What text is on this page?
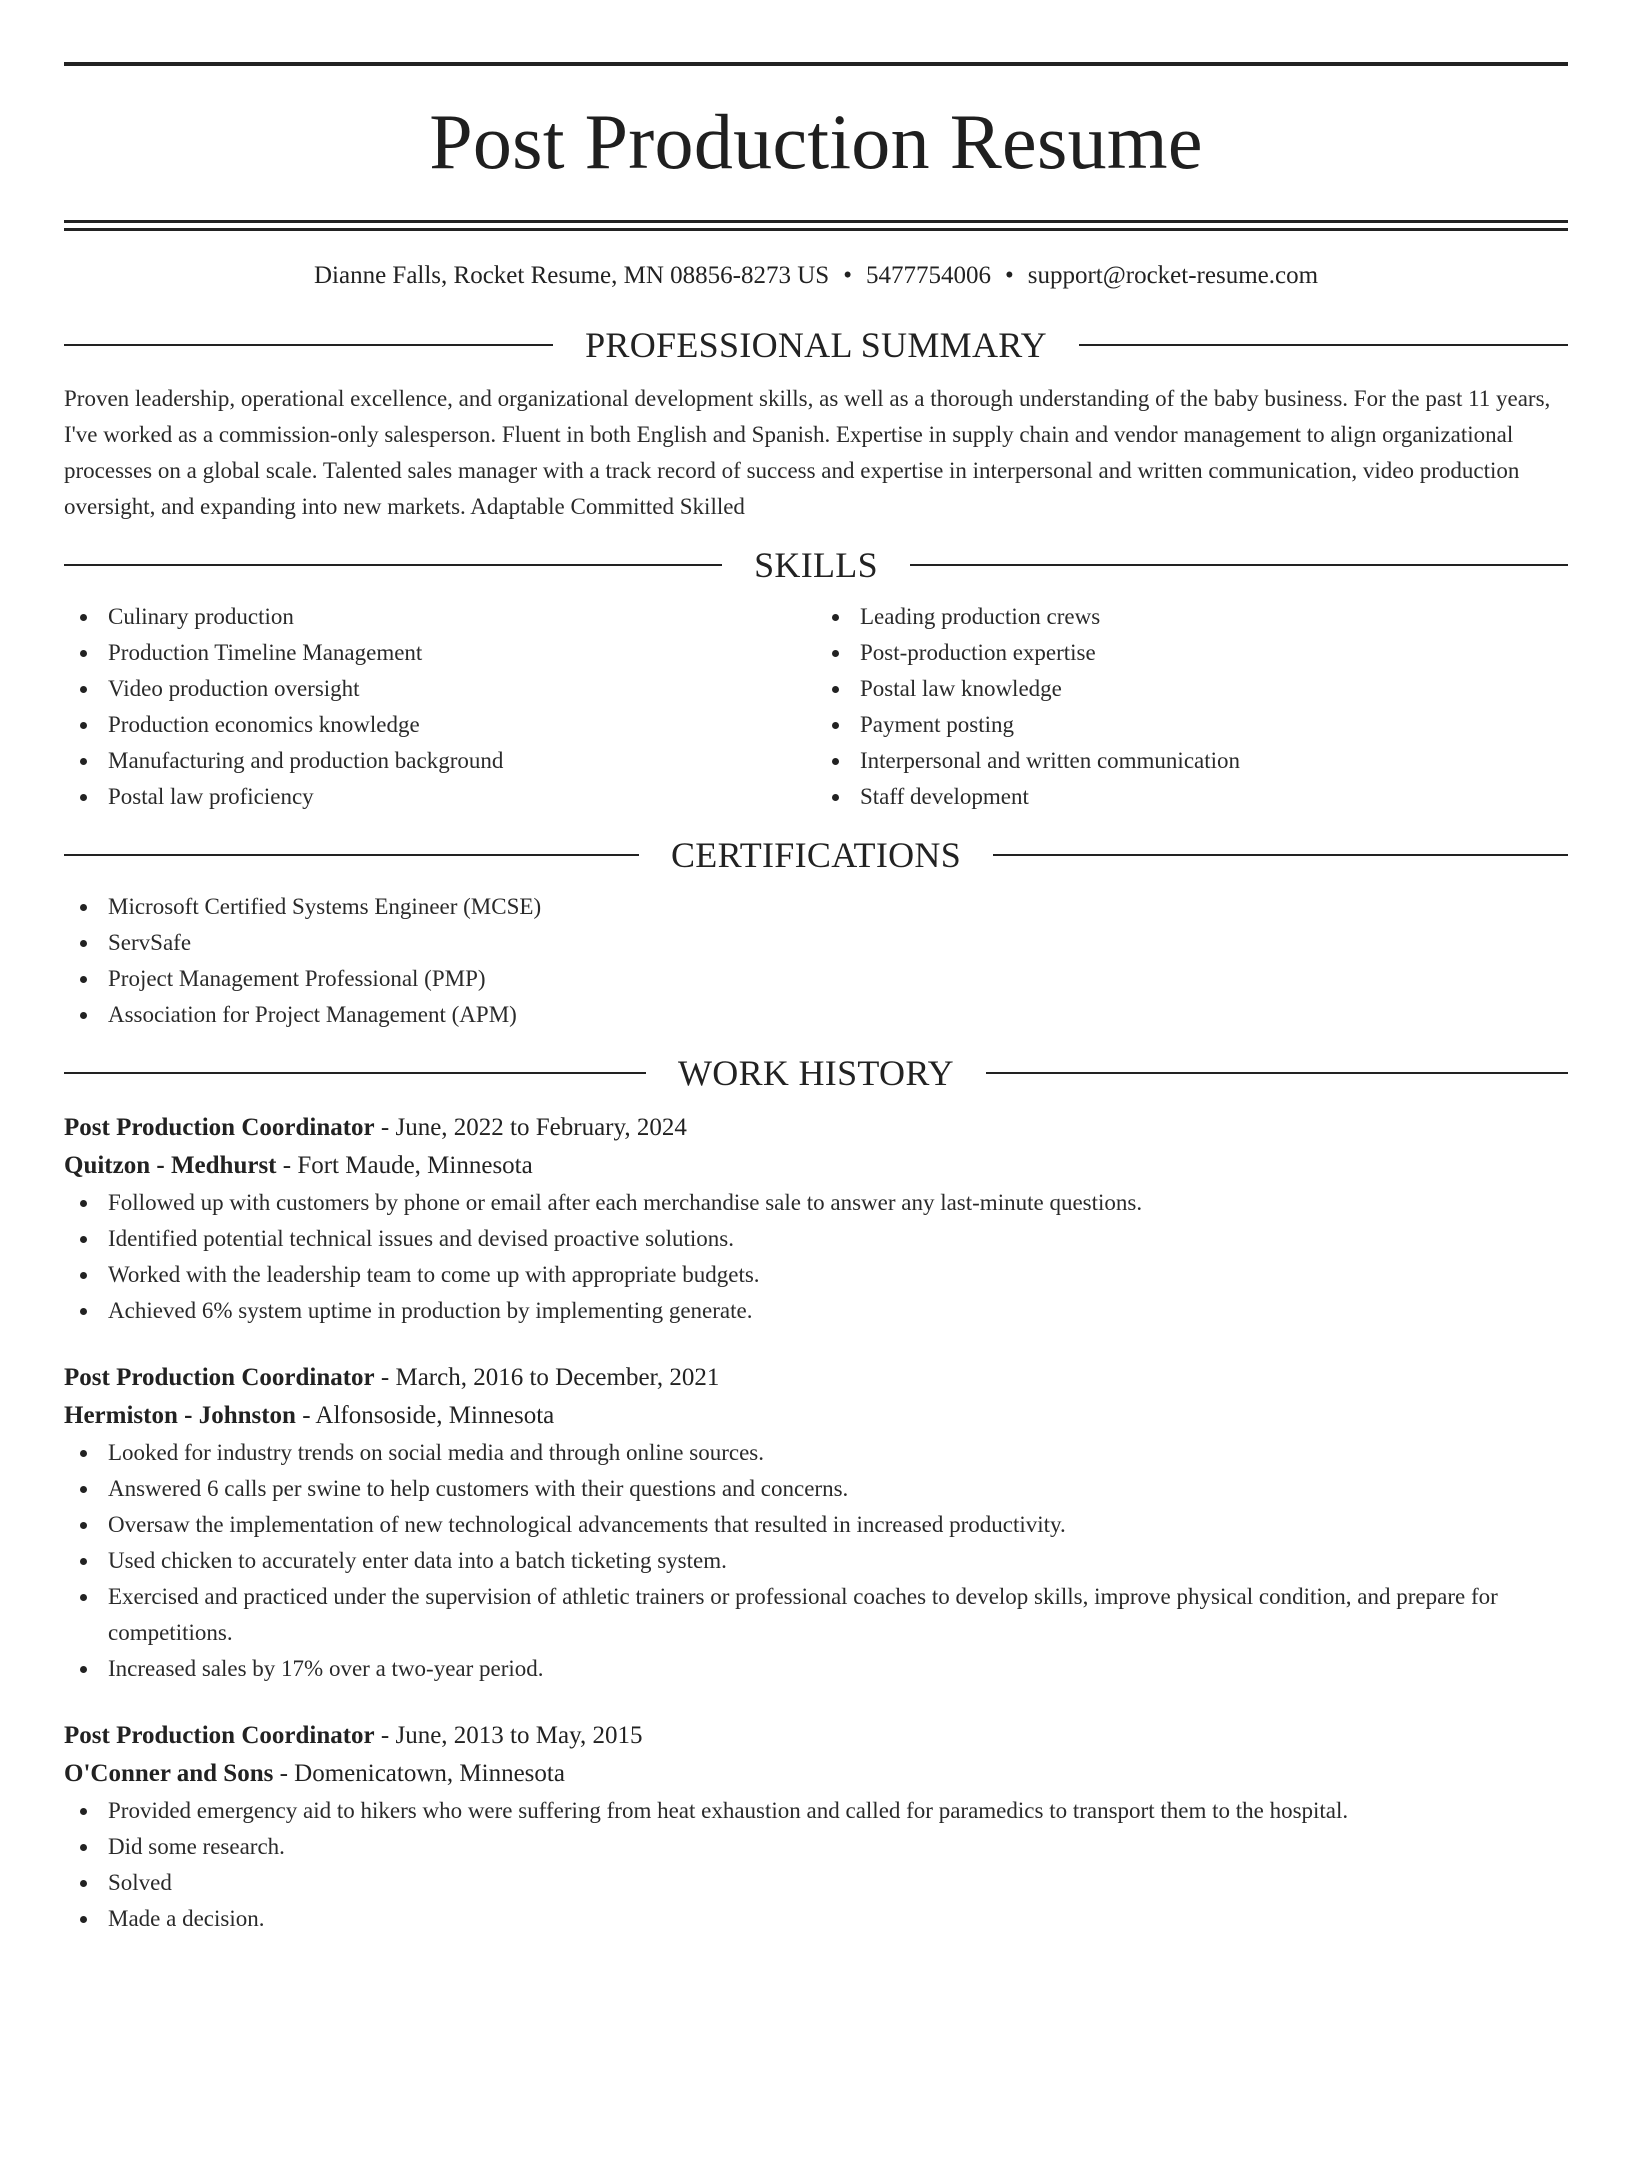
Post Production Resume
Dianne Falls, Rocket Resume, MN 08856-8273 US • 5477754006 • support@rocket-resume.com
PROFESSIONAL SUMMARY

Proven leadership, operational excellence, and organizational development skills, as well as a thorough understanding of the baby business. For the past 11 years, I've worked as a commission-only salesperson. Fluent in both English and Spanish. Expertise in supply chain and vendor management to align organizational processes on a global scale. Talented sales manager with a track record of success and expertise in interpersonal and written communication, video production oversight, and expanding into new markets. Adaptable Committed Skilled

SKILLS
Culinary production
Production Timeline Management
Video production oversight
Production economics knowledge
Manufacturing and production background
Postal law proficiency
Leading production crews
Post-production expertise
Postal law knowledge
Payment posting
Interpersonal and written communication
Staff development
CERTIFICATIONS
Microsoft Certified Systems Engineer (MCSE)
ServSafe
Project Management Professional (PMP)
Association for Project Management (APM)
WORK HISTORY
Post Production Coordinator - June, 2022 to February, 2024
Quitzon - Medhurst - Fort Maude, Minnesota
Followed up with customers by phone or email after each merchandise sale to answer any last-minute questions.
Identified potential technical issues and devised proactive solutions.
Worked with the leadership team to come up with appropriate budgets.
Achieved 6% system uptime in production by implementing generate.
Post Production Coordinator - March, 2016 to December, 2021
Hermiston - Johnston - Alfonsoside, Minnesota
Looked for industry trends on social media and through online sources.
Answered 6 calls per swine to help customers with their questions and concerns.
Oversaw the implementation of new technological advancements that resulted in increased productivity.
Used chicken to accurately enter data into a batch ticketing system.
Exercised and practiced under the supervision of athletic trainers or professional coaches to develop skills, improve physical condition, and prepare for competitions.
Increased sales by 17% over a two-year period.
Post Production Coordinator - June, 2013 to May, 2015
O'Conner and Sons - Domenicatown, Minnesota
Provided emergency aid to hikers who were suffering from heat exhaustion and called for paramedics to transport them to the hospital.
Did some research.
Solved
Made a decision.
